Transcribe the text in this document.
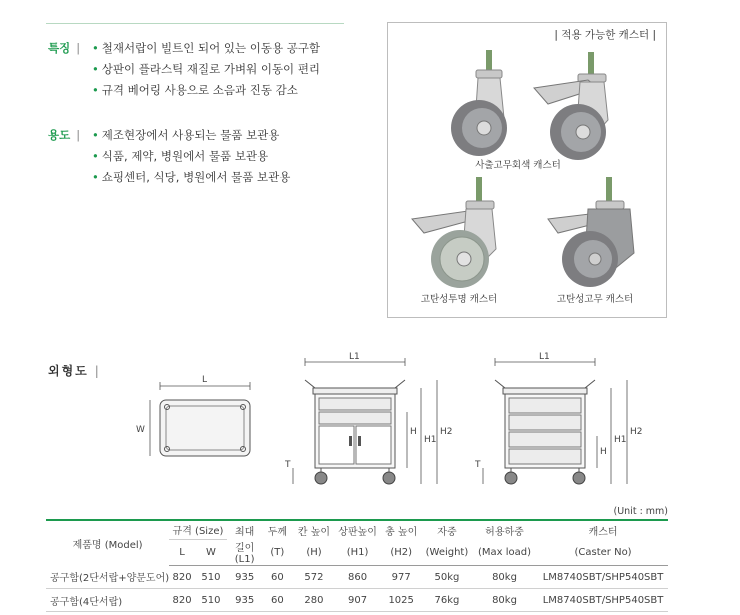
특징 |	• 철재서랍이 빌트인 되어 있는 이동용 공구함
• 상판이 플라스틱 재질로 가벼워 이동이 편리
• 규격 베어링 사용으로 소음과 진동 감소
용도 |	• 제조현장에서 사용되는 물품 보관용
• 식품, 제약, 병원에서 물품 보관용
• 쇼핑센터, 식당, 병원에서 물품 보관용
| 적용 가능한 캐스터 |
사출고무회색 캐스터
고탄성투명 캐스터	고탄성고무 캐스터
외형도 |
L
W
L1
T
H
H1
H2
L1
T
H
H1
H2
(Unit : mm)
제품명 (Model)	규격 (Size)		최대	두께	칸 높이	상판높이	총 높이	자중	허용하중	캐스터
	L	W	길이(L1)	(T)	(H)	(H1)	(H2)	(Weight)	(Max load)	(Caster No)
공구함(2단서랍+양문도어)	820	510	935	60	572	860	977	50kg	80kg	LM8740SBT/SHP540SBT
공구함(4단서랍)	820	510	935	60	280	907	1025	76kg	80kg	LM8740SBT/SHP540SBT
